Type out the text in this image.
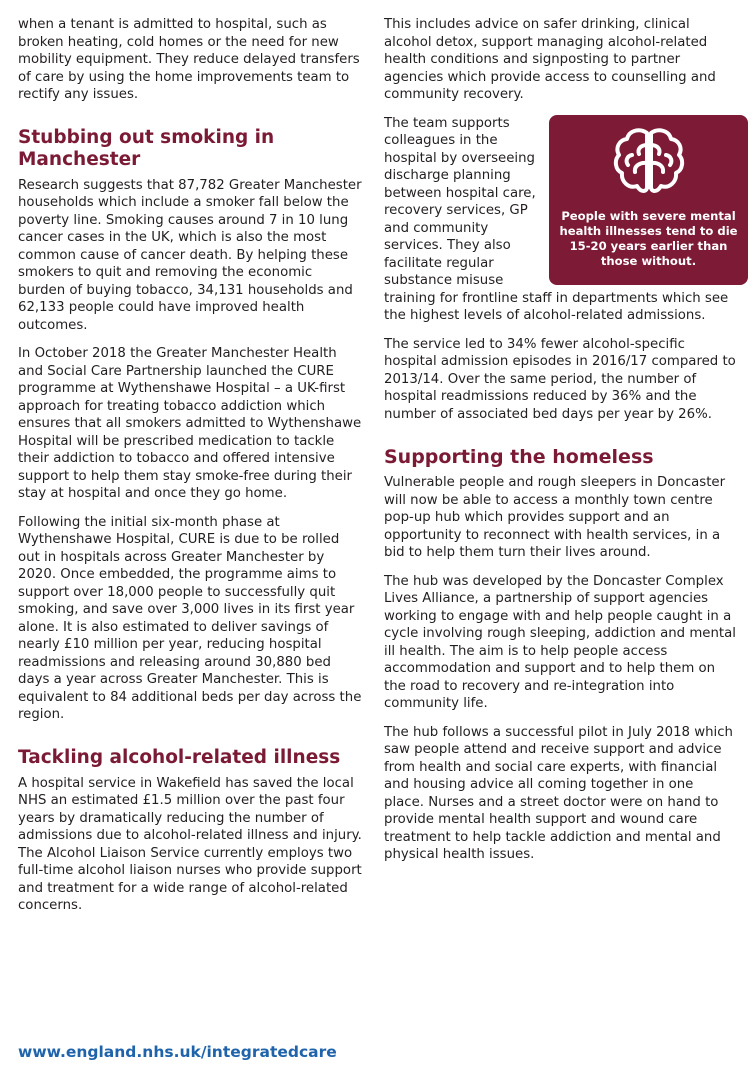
when a tenant is admitted to hospital, such as broken heating, cold homes or the need for new mobility equipment. They reduce delayed transfers of care by using the home improvements team to rectify any issues.

Stubbing out smoking in Manchester

Research suggests that 87,782 Greater Manchester households which include a smoker fall below the poverty line. Smoking causes around 7 in 10 lung cancer cases in the UK, which is also the most common cause of cancer death. By helping these smokers to quit and removing the economic burden of buying tobacco, 34,131 households and 62,133 people could have improved health outcomes.

In October 2018 the Greater Manchester Health and Social Care Partnership launched the CURE programme at Wythenshawe Hospital – a UK-first approach for treating tobacco addiction which ensures that all smokers admitted to Wythenshawe Hospital will be prescribed medication to tackle their addiction to tobacco and offered intensive support to help them stay smoke-free during their stay at hospital and once they go home.

Following the initial six-month phase at Wythenshawe Hospital, CURE is due to be rolled out in hospitals across Greater Manchester by 2020. Once embedded, the programme aims to support over 18,000 people to successfully quit smoking, and save over 3,000 lives in its first year alone. It is also estimated to deliver savings of nearly £10 million per year, reducing hospital readmissions and releasing around 30,880 bed days a year across Greater Manchester. This is equivalent to 84 additional beds per day across the region.

Tackling alcohol-related illness

A hospital service in Wakefield has saved the local NHS an estimated £1.5 million over the past four years by dramatically reducing the number of admissions due to alcohol-related illness and injury. The Alcohol Liaison Service currently employs two full-time alcohol liaison nurses who provide support and treatment for a wide range of alcohol-related concerns.

This includes advice on safer drinking, clinical alcohol detox, support managing alcohol-related health conditions and signposting to partner agencies which provide access to counselling and community recovery.

People with severe mental health illnesses tend to die 15-20 years earlier than those without.

The team supports colleagues in the hospital by overseeing discharge planning between hospital care, recovery services, GP and community services. They also facilitate regular substance misuse training for frontline staff in departments which see the highest levels of alcohol-related admissions.

The service led to 34% fewer alcohol-specific hospital admission episodes in 2016/17 compared to 2013/14. Over the same period, the number of hospital readmissions reduced by 36% and the number of associated bed days per year by 26%.

Supporting the homeless

Vulnerable people and rough sleepers in Doncaster will now be able to access a monthly town centre pop-up hub which provides support and an opportunity to reconnect with health services, in a bid to help them turn their lives around.

The hub was developed by the Doncaster Complex Lives Alliance, a partnership of support agencies working to engage with and help people caught in a cycle involving rough sleeping, addiction and mental ill health. The aim is to help people access accommodation and support and to help them on the road to recovery and re-integration into community life.

The hub follows a successful pilot in July 2018 which saw people attend and receive support and advice from health and social care experts, with financial and housing advice all coming together in one place. Nurses and a street doctor were on hand to provide mental health support and wound care treatment to help tackle addiction and mental and physical health issues.

www.england.nhs.uk/integratedcare
